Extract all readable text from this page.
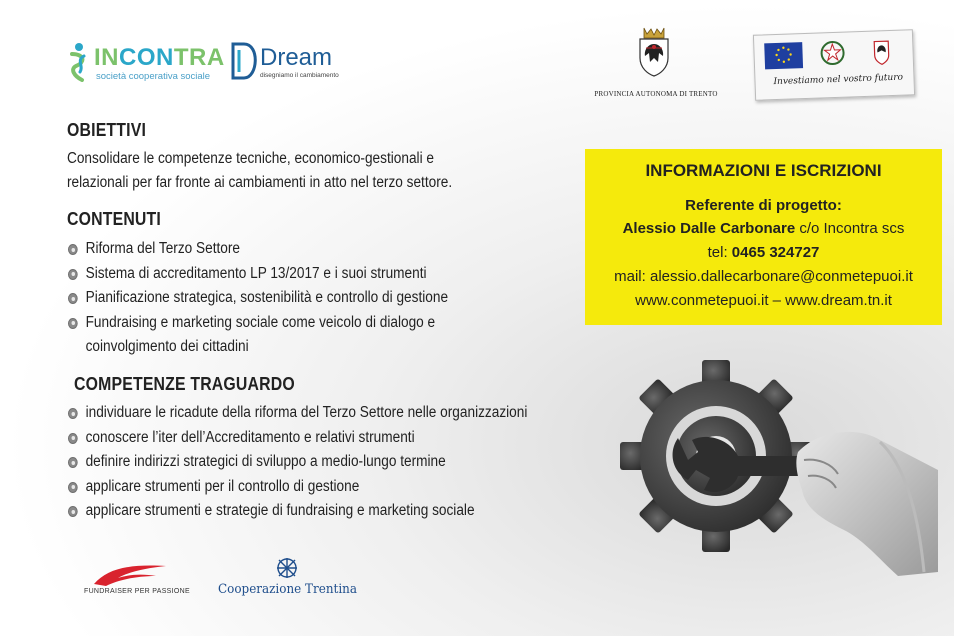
INCONTRA
società cooperativa sociale
Dream
disegniamo il cambiamento
PROVINCIA AUTONOMA DI TRENTO
Investiamo nel vostro futuro
OBIETTIVI
Consolidare le competenze tecniche, economico-gestionali e
relazionali per far fronte ai cambiamenti in atto nel terzo settore.
CONTENUTI
Riforma del Terzo Settore
Sistema di accreditamento LP 13/2017 e i suoi strumenti
Pianificazione strategica, sostenibilità e controllo di gestione
Fundraising e marketing sociale come veicolo di dialogo e
coinvolgimento dei cittadini
COMPETENZE TRAGUARDO
individuare le ricadute della riforma del Terzo Settore nelle organizzazioni
conoscere l’iter dell’Accreditamento e relativi strumenti
definire indirizzi strategici di sviluppo a medio-lungo termine
applicare strumenti per il controllo di gestione
applicare strumenti e strategie di fundraising e marketing sociale
INFORMAZIONI E ISCRIZIONI
Referente di progetto:
Alessio Dalle Carbonare c/o Incontra scs
tel: 0465 324727
mail: alessio.dallecarbonare@conmetepuoi.it
www.conmetepuoi.it – www.dream.tn.it
FUNDRAISER PER PASSIONE Cooperazione Trentina
